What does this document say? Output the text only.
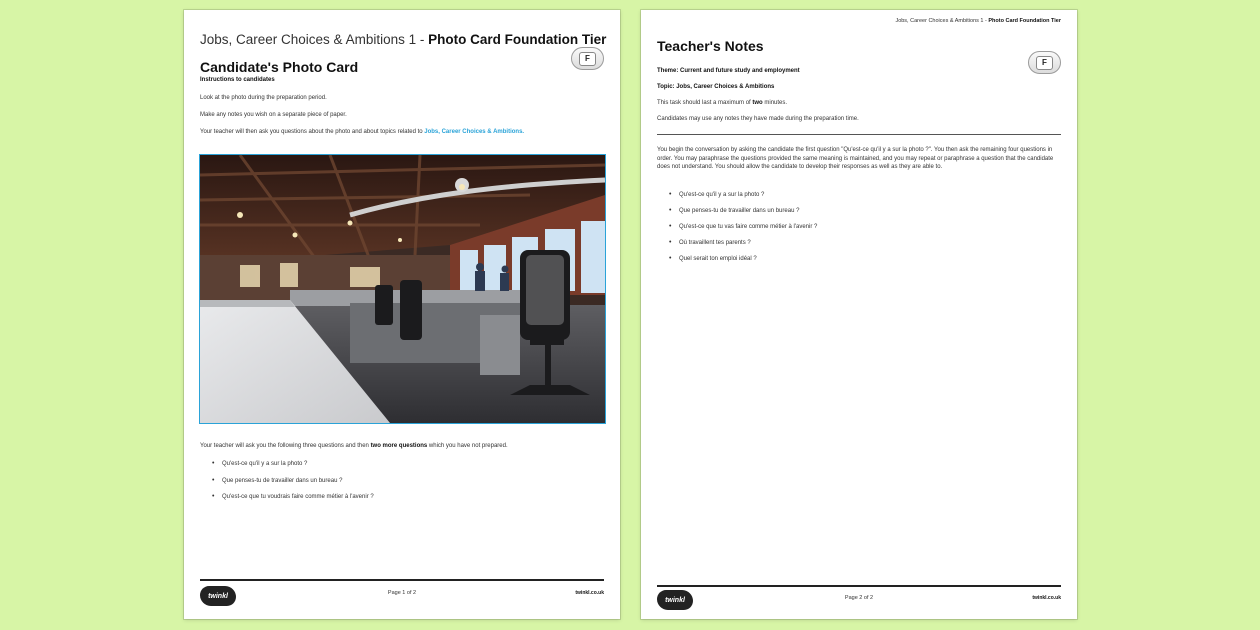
Jobs, Career Choices & Ambitions 1 - Photo Card Foundation Tier
Candidate's Photo Card
F
Instructions to candidates
Look at the photo during the preparation period.
Make any notes you wish on a separate piece of paper.
Your teacher will then ask you questions about the photo and about topics related to Jobs, Career Choices & Ambitions.
Your teacher will ask you the following three questions and then two more questions which you have not prepared.
• Qu'est-ce qu'il y a sur la photo ?
• Que penses-tu de travailler dans un bureau ?
• Qu'est-ce que tu voudrais faire comme métier à l'avenir ?
twinkl	Page 1 of 2	twinkl.co.uk
Jobs, Career Choices & Ambitions 1 - Photo Card Foundation Tier
Teacher's Notes
F
Theme: Current and future study and employment
Topic: Jobs, Career Choices & Ambitions
This task should last a maximum of two minutes.
Candidates may use any notes they have made during the preparation time.
You begin the conversation by asking the candidate the first question "Qu'est-ce qu'il y a sur la photo ?". You then ask the remaining four questions in order. You may paraphrase the questions provided the same meaning is maintained, and you may repeat or paraphrase a question that the candidate does not understand. You should allow the candidate to develop their responses as well as they are able to.
• Qu'est-ce qu'il y a sur la photo ?
• Que penses-tu de travailler dans un bureau ?
• Qu'est-ce que tu vas faire comme métier à l'avenir ?
• Où travaillent tes parents ?
• Quel serait ton emploi idéal ?
twinkl	Page 2 of 2	twinkl.co.uk
